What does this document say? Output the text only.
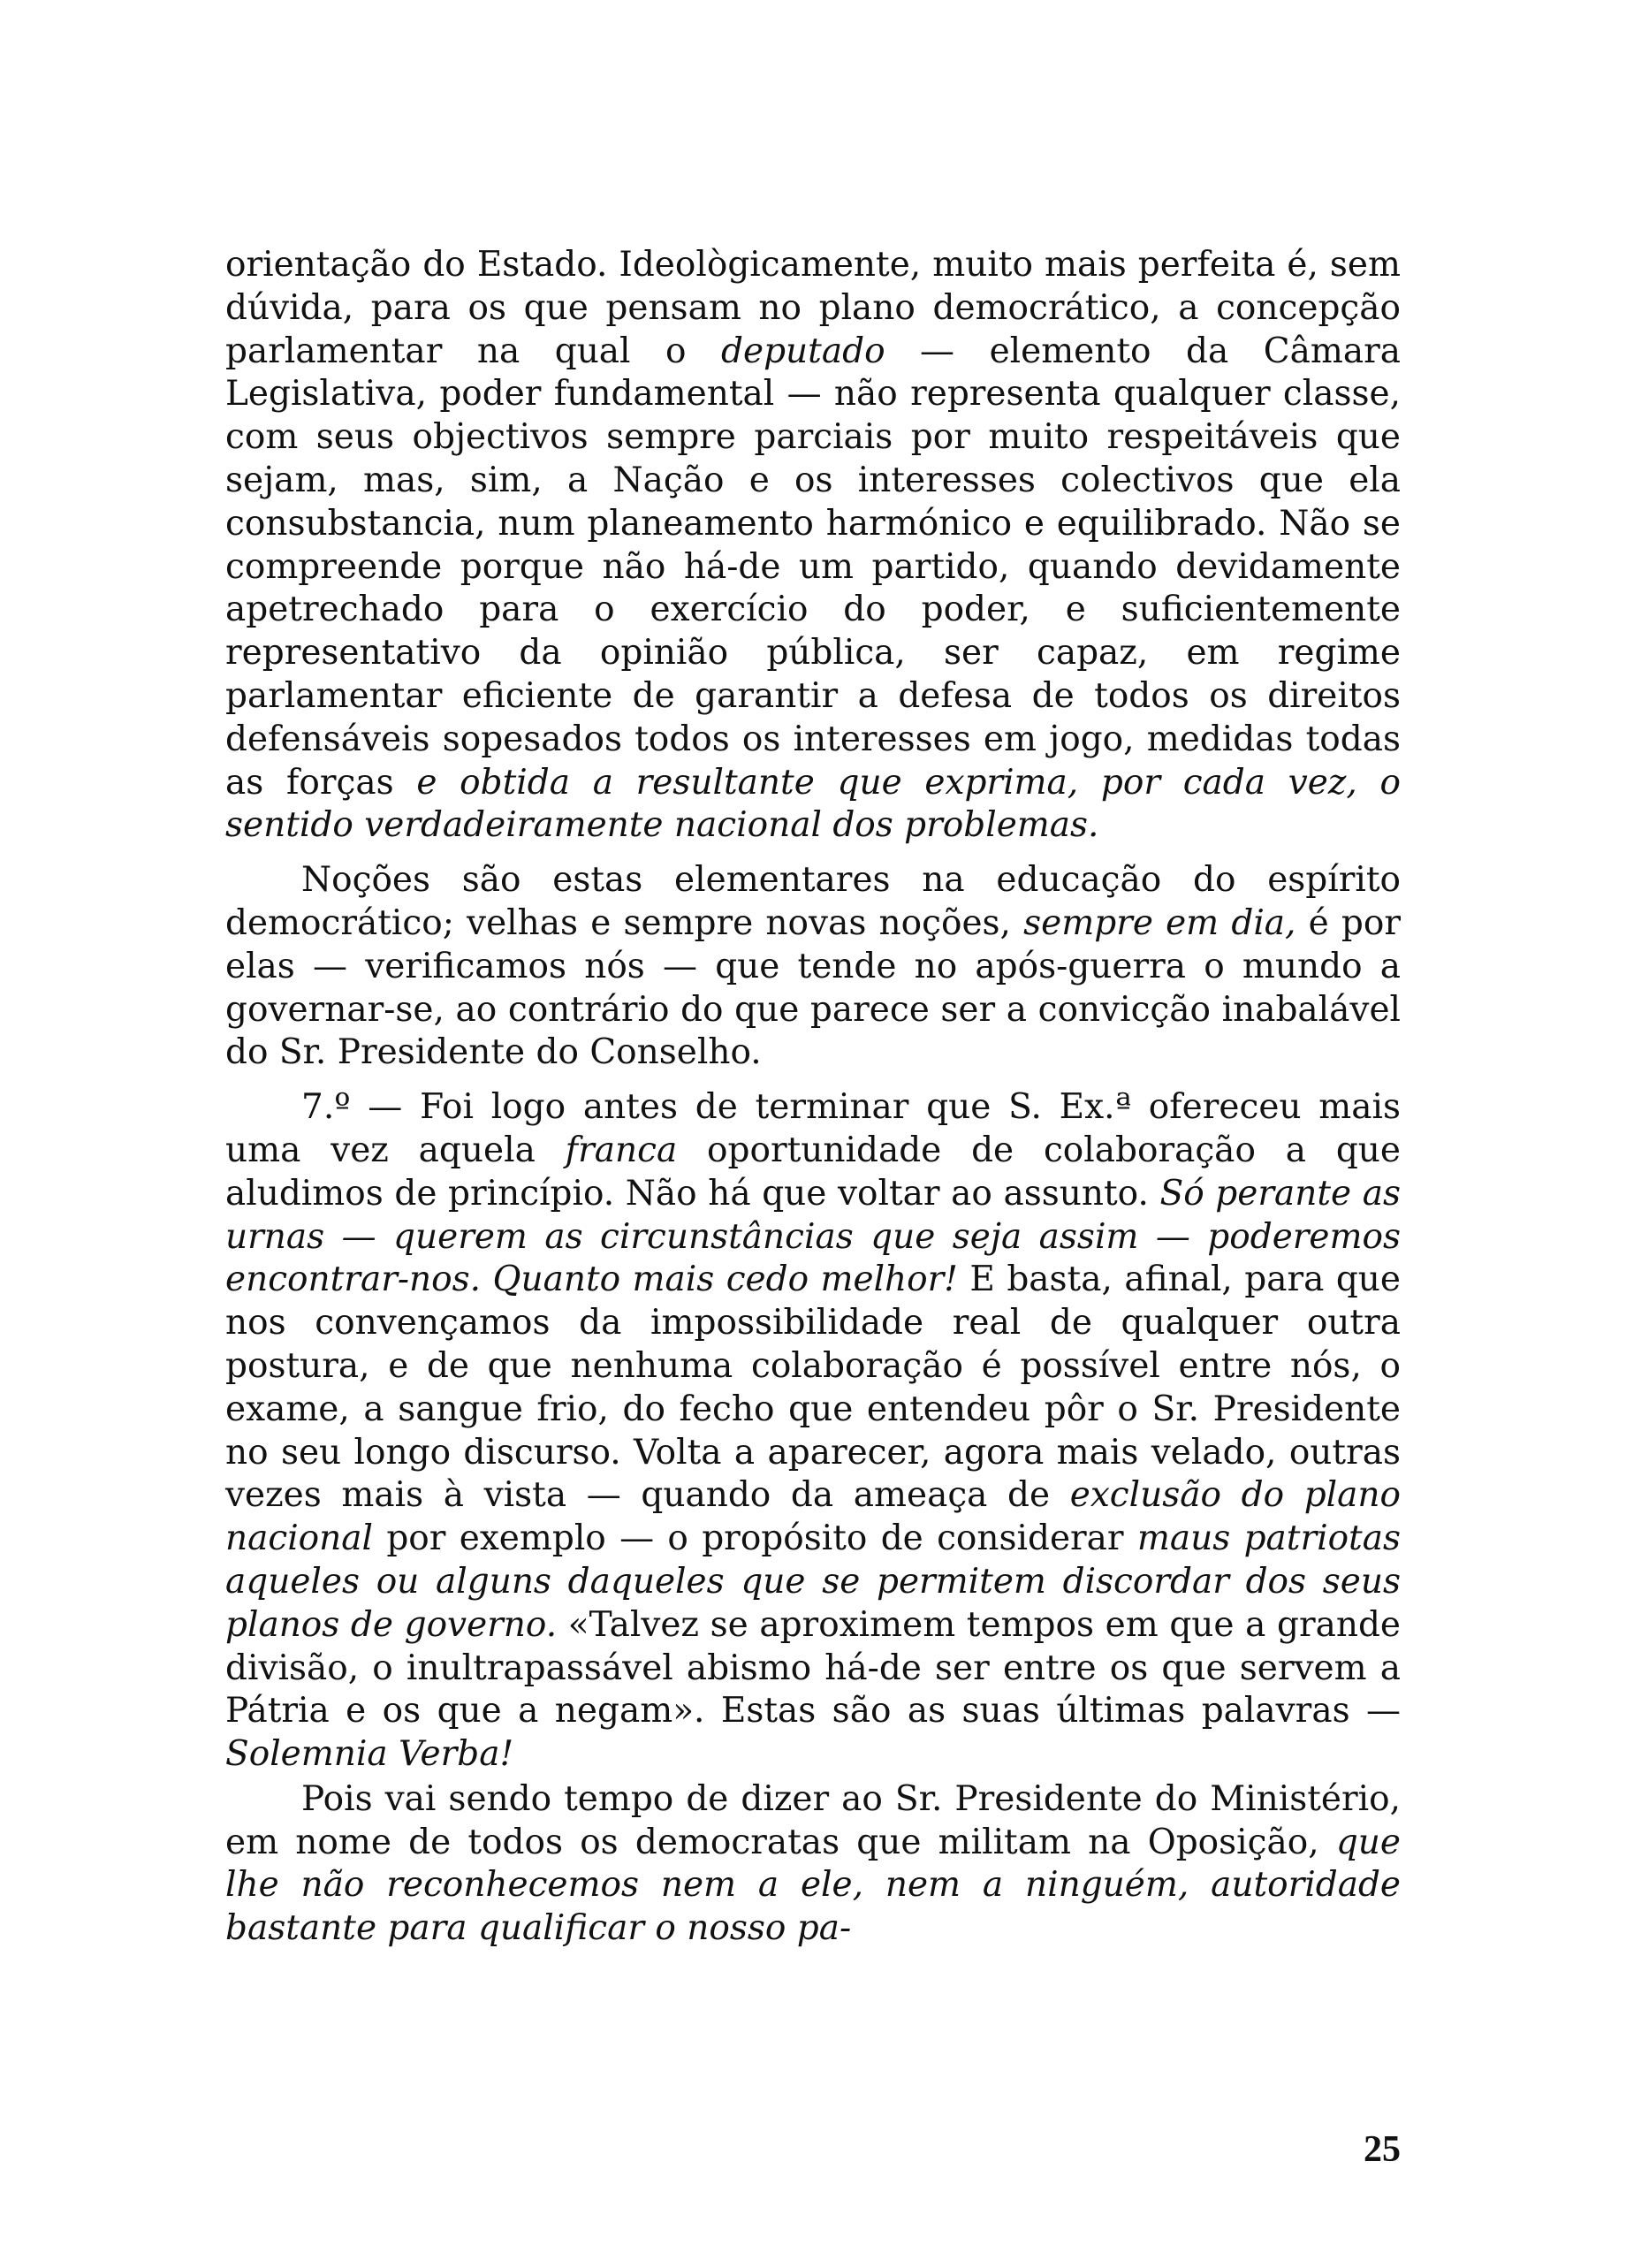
orientação do Estado. Ideològicamente, muito mais perfeita é, sem dúvida, para os que pensam no plano democrático, a concepção parlamentar na qual o deputado — elemento da Câmara Legislativa, poder fundamental — não representa qualquer classe, com seus objectivos sempre parciais por muito respeitáveis que sejam, mas, sim, a Nação e os interesses colectivos que ela consubstancia, num planeamento harmónico e equilibrado. Não se compreende porque não há-de um partido, quando devidamente apetrechado para o exercício do poder, e suficientemente representativo da opinião pública, ser capaz, em regime parlamentar eficiente de garantir a defesa de todos os direitos defensáveis sopesados todos os interesses em jogo, medidas todas as forças e obtida a resultante que exprima, por cada vez, o sentido verdadeiramente nacional dos problemas.

Noções são estas elementares na educação do espírito democrático; velhas e sempre novas noções, sempre em dia, é por elas — verificamos nós — que tende no após-guerra o mundo a governar-se, ao contrário do que parece ser a convicção inabalável do Sr. Presidente do Conselho.

7.º — Foi logo antes de terminar que S. Ex.ª ofereceu mais uma vez aquela franca oportunidade de colaboração a que aludimos de princípio. Não há que voltar ao assunto. Só perante as urnas — querem as circunstâncias que seja assim — poderemos encontrar-nos. Quanto mais cedo melhor! E basta, afinal, para que nos convençamos da impossibilidade real de qualquer outra postura, e de que nenhuma colaboração é possível entre nós, o exame, a sangue frio, do fecho que entendeu pôr o Sr. Presidente no seu longo discurso. Volta a aparecer, agora mais velado, outras vezes mais à vista — quando da ameaça de exclusão do plano nacional por exemplo — o propósito de considerar maus patriotas aqueles ou alguns daqueles que se permitem discordar dos seus planos de governo. «Talvez se aproximem tempos em que a grande divisão, o inultrapassável abismo há-de ser entre os que servem a Pátria e os que a negam». Estas são as suas últimas palavras — Solemnia Verba!

Pois vai sendo tempo de dizer ao Sr. Presidente do Ministério, em nome de todos os democratas que militam na Oposição, que lhe não reconhecemos nem a ele, nem a ninguém, autoridade bastante para qualificar o nosso pa-

25
